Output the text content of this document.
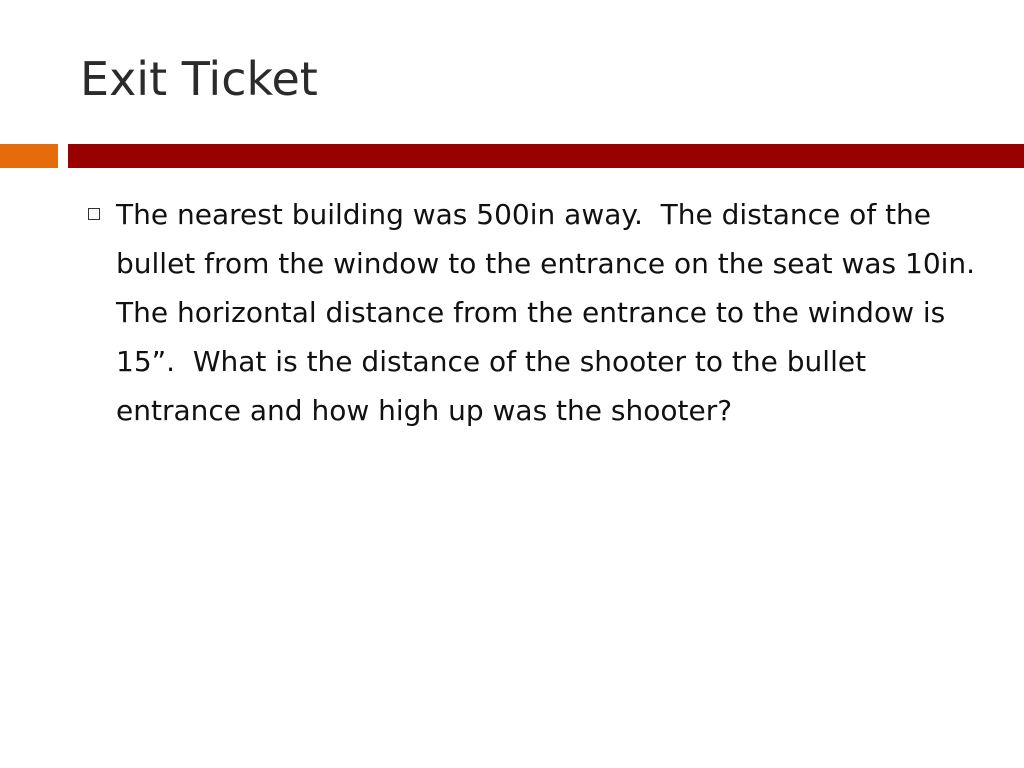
Exit Ticket
The nearest building was 500in away.  The distance of the bullet from the window to the entrance on the seat was 10in.  The horizontal distance from the entrance to the window is 15”.  What is the distance of the shooter to the bullet entrance and how high up was the shooter?
